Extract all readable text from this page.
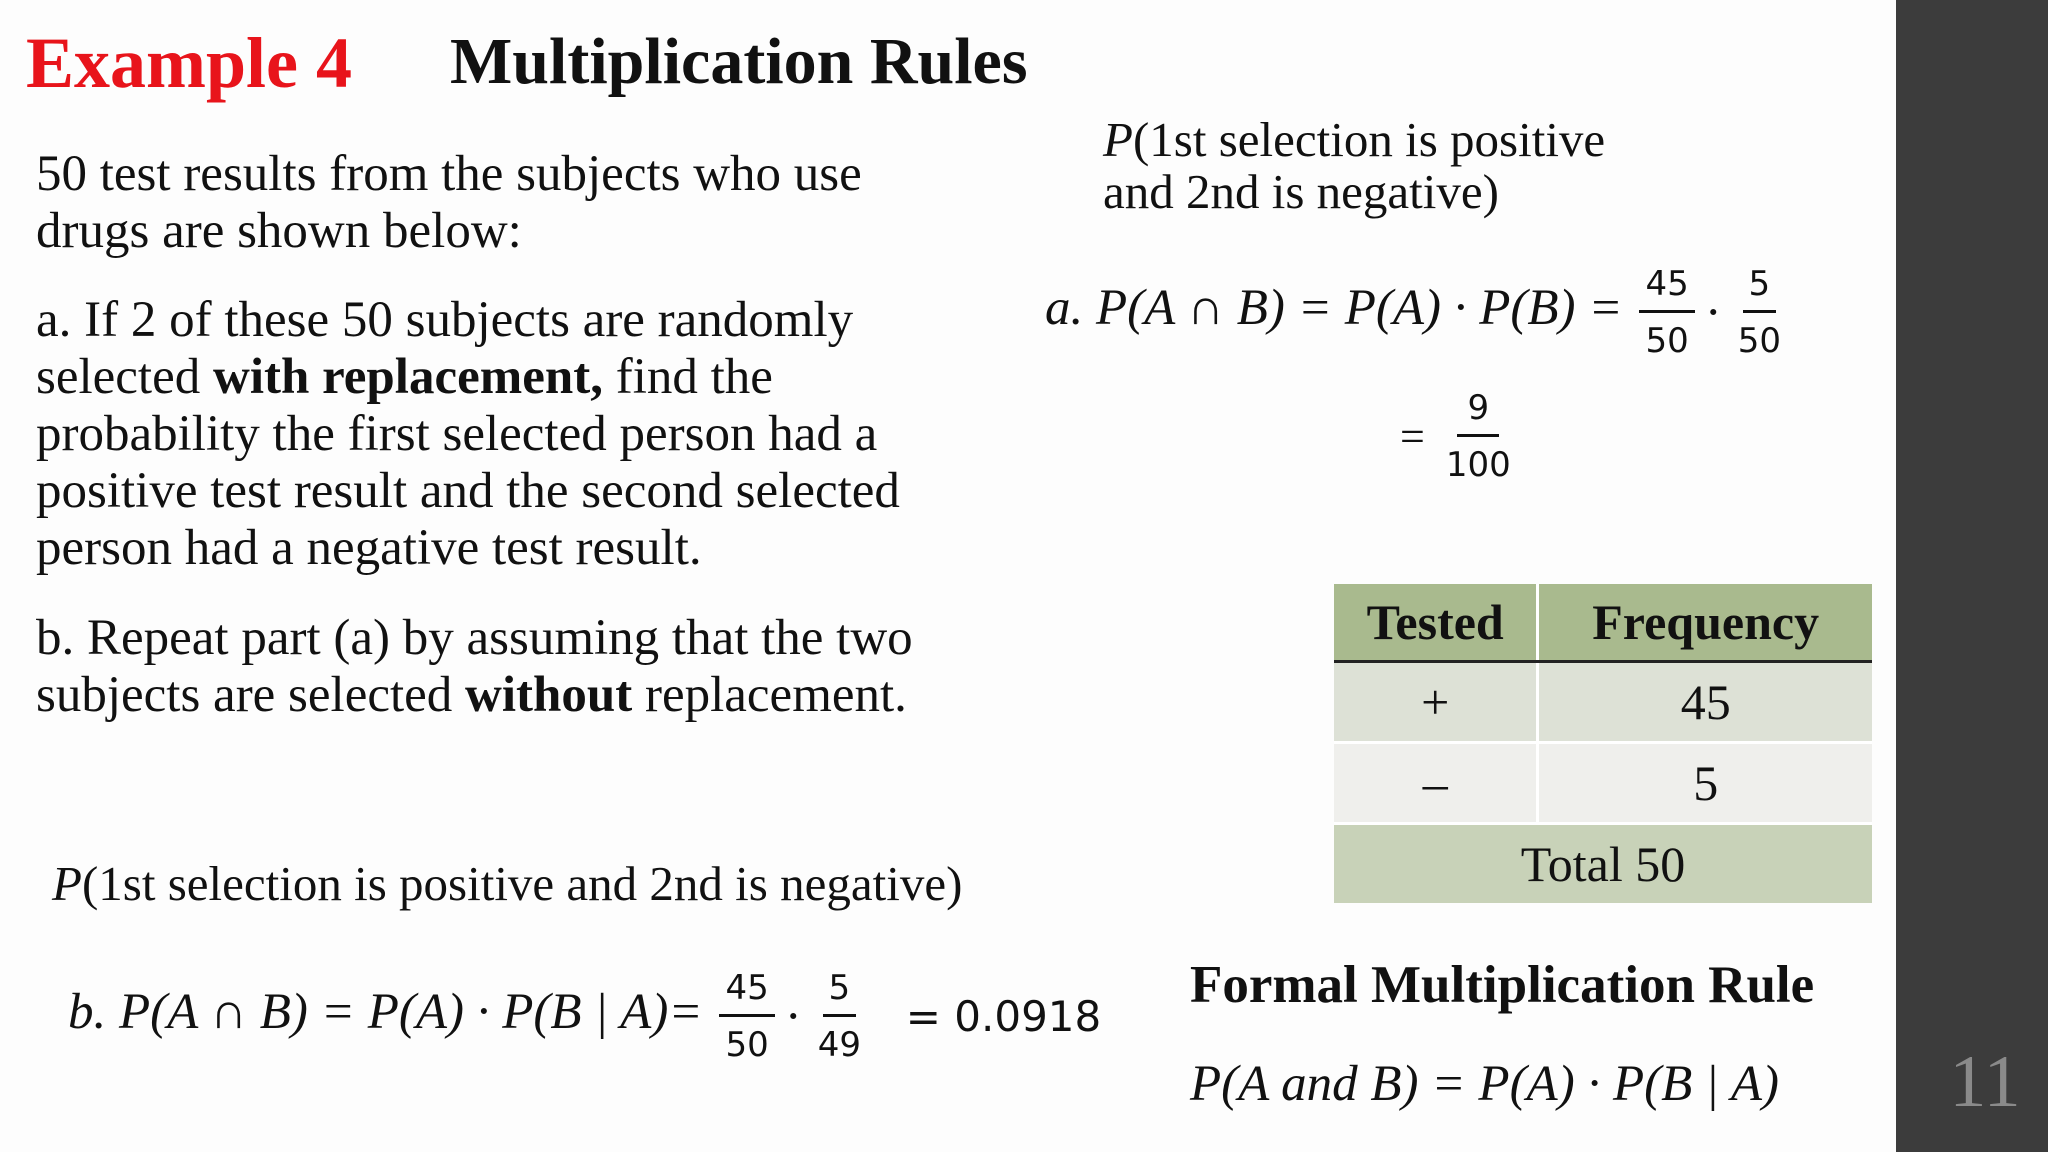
Example 4 Multiplication Rules
50 test results from the subjects who use drugs are shown below:
a. If 2 of these 50 subjects are randomly selected with replacement, find the probability the first selected person had a positive test result and the second selected person had a negative test result.
b. Repeat part (a) by assuming that the two subjects are selected without replacement.
P(1st selection is positive and 2nd is negative)
a. P(A ∩ $B) = P(A) \cdot P(B) = \frac{45}{50} \cdot \frac{5}{50}$
= $\frac{9}{100}$
Tested	Frequency
+	45
–	5
Total 50	
P(1st selection is positive and 2nd is negative)
b. P(A ∩ B) = P(A) · P(B | $A)= \frac{45}{50} \cdot \frac{5}{49} = 0.0918$
Formal Multiplication Rule
P(A and B) = P(A) · P(B | A) 11
